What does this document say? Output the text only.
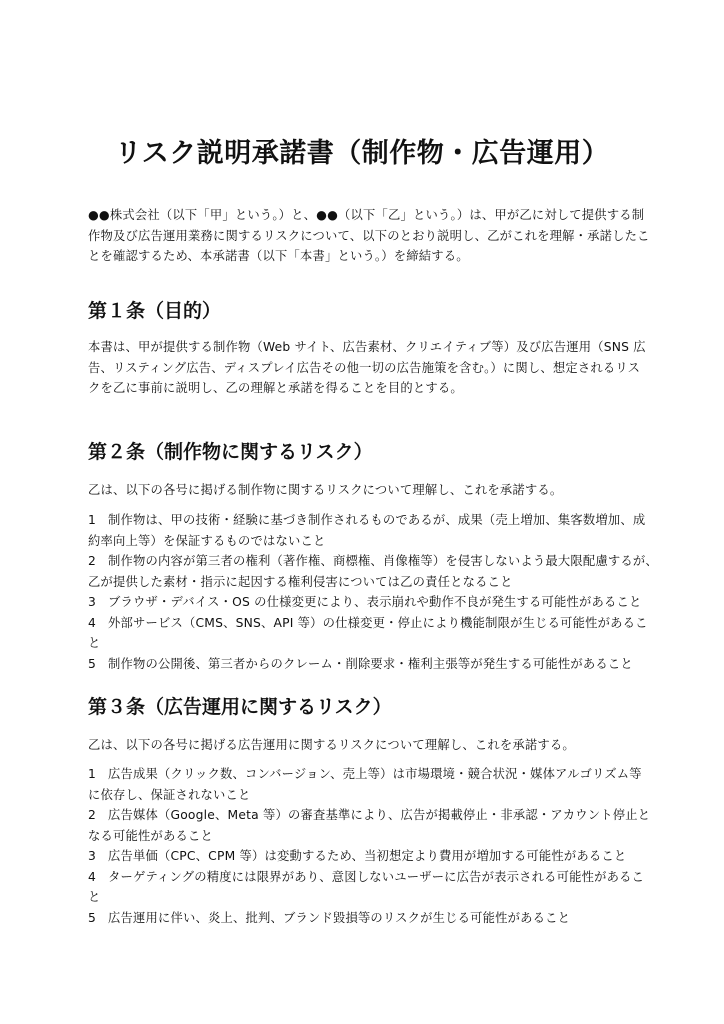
リスク説明承諾書（制作物・広告運用）

●●株式会社（以下「甲」という。）と、●●（以下「乙」という。）は、甲が乙に対して提供する制
作物及び広告運用業務に関するリスクについて、以下のとおり説明し、乙がこれを理解・承諾したこ
とを確認するため、本承諾書（以下「本書」という。）を締結する。

第１条（目的）

本書は、甲が提供する制作物（Web サイト、広告素材、クリエイティブ等）及び広告運用（SNS 広
告、リスティング広告、ディスプレイ広告その他一切の広告施策を含む。）に関し、想定されるリス
クを乙に事前に説明し、乙の理解と承諾を得ることを目的とする。

第２条（制作物に関するリスク）

乙は、以下の各号に掲げる制作物に関するリスクについて理解し、これを承諾する。

1 制作物は、甲の技術・経験に基づき制作されるものであるが、成果（売上増加、集客数増加、成
約率向上等）を保証するものではないこと
2 制作物の内容が第三者の権利（著作権、商標権、肖像権等）を侵害しないよう最大限配慮するが、
乙が提供した素材・指示に起因する権利侵害については乙の責任となること
3 ブラウザ・デバイス・OS の仕様変更により、表示崩れや動作不良が発生する可能性があること
4 外部サービス（CMS、SNS、API 等）の仕様変更・停止により機能制限が生じる可能性があるこ
と
5 制作物の公開後、第三者からのクレーム・削除要求・権利主張等が発生する可能性があること
第３条（広告運用に関するリスク）

乙は、以下の各号に掲げる広告運用に関するリスクについて理解し、これを承諾する。

1 広告成果（クリック数、コンバージョン、売上等）は市場環境・競合状況・媒体アルゴリズム等
に依存し、保証されないこと
2 広告媒体（Google、Meta 等）の審査基準により、広告が掲載停止・非承認・アカウント停止と
なる可能性があること
3 広告単価（CPC、CPM 等）は変動するため、当初想定より費用が増加する可能性があること
4 ターゲティングの精度には限界があり、意図しないユーザーに広告が表示される可能性があるこ
と
5 広告運用に伴い、炎上、批判、ブランド毀損等のリスクが生じる可能性があること
